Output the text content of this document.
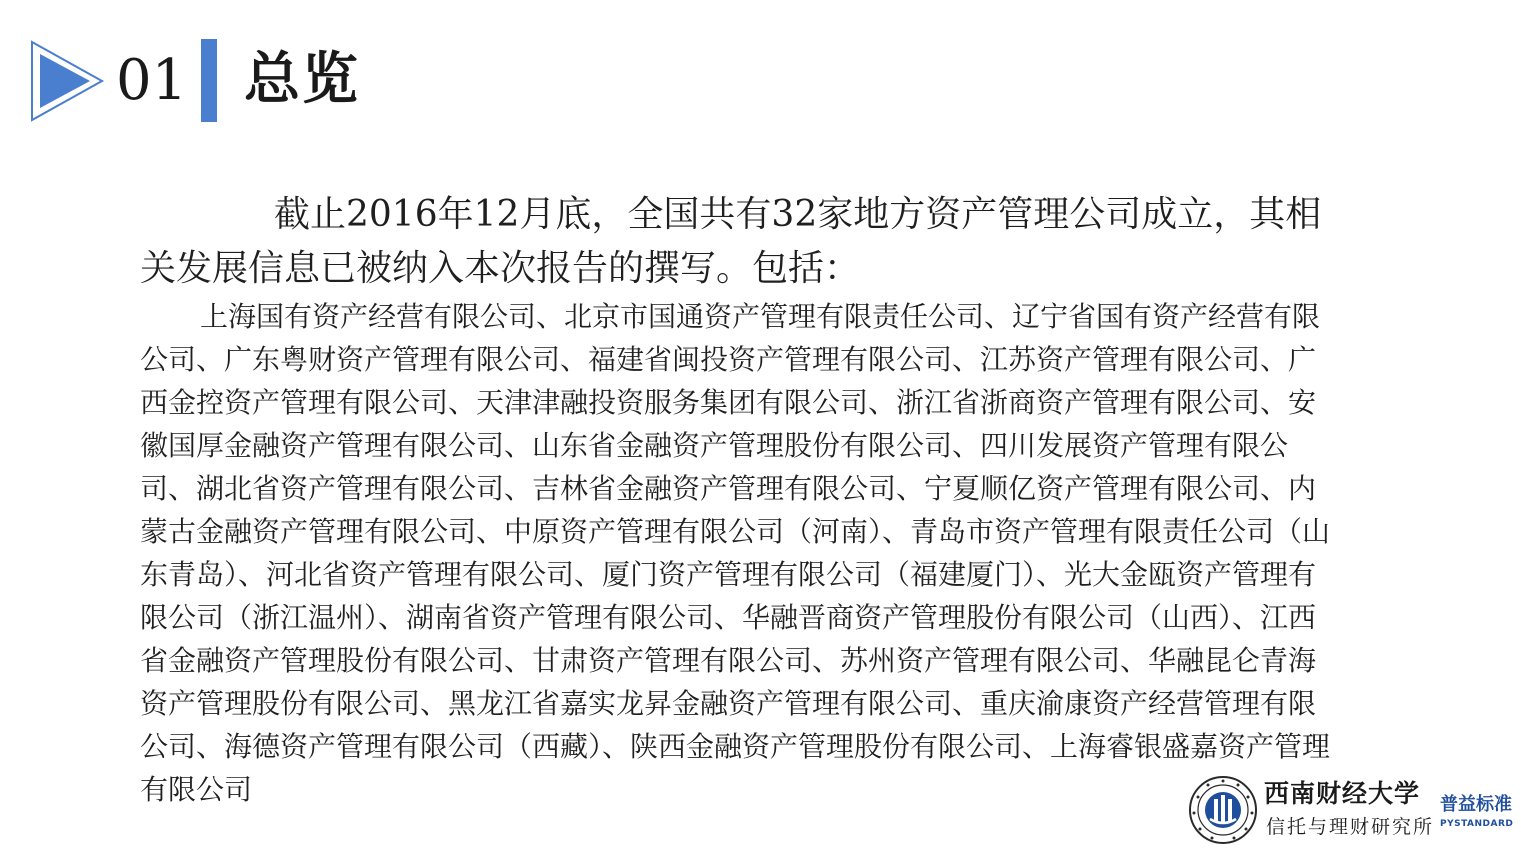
01 总览

截止2016年12月底，全国共有32家地方资产管理公司成立，其相关发展信息已被纳入本次报告的撰写。包括：

上海国有资产经营有限公司、北京市国通资产管理有限责任公司、辽宁省国有资产经营有限公司、广东粤财资产管理有限公司、福建省闽投资产管理有限公司、江苏资产管理有限公司、广西金控资产管理有限公司、天津津融投资服务集团有限公司、浙江省浙商资产管理有限公司、安徽国厚金融资产管理有限公司、山东省金融资产管理股份有限公司、四川发展资产管理有限公司、湖北省资产管理有限公司、吉林省金融资产管理有限公司、宁夏顺亿资产管理有限公司、内蒙古金融资产管理有限公司、中原资产管理有限公司（河南）、青岛市资产管理有限责任公司（山东青岛）、河北省资产管理有限公司、厦门资产管理有限公司（福建厦门）、光大金瓯资产管理有限公司（浙江温州）、湖南省资产管理有限公司、华融晋商资产管理股份有限公司（山西）、江西省金融资产管理股份有限公司、甘肃资产管理有限公司、苏州资产管理有限公司、华融昆仑青海资产管理股份有限公司、黑龙江省嘉实龙昇金融资产管理有限公司、重庆渝康资产经营管理有限公司、海德资产管理有限公司（西藏）、陕西金融资产管理股份有限公司、上海睿银盛嘉资产管理有限公司	西南财经大学
信托与理财研究所
普益标准
PYSTANDARD
